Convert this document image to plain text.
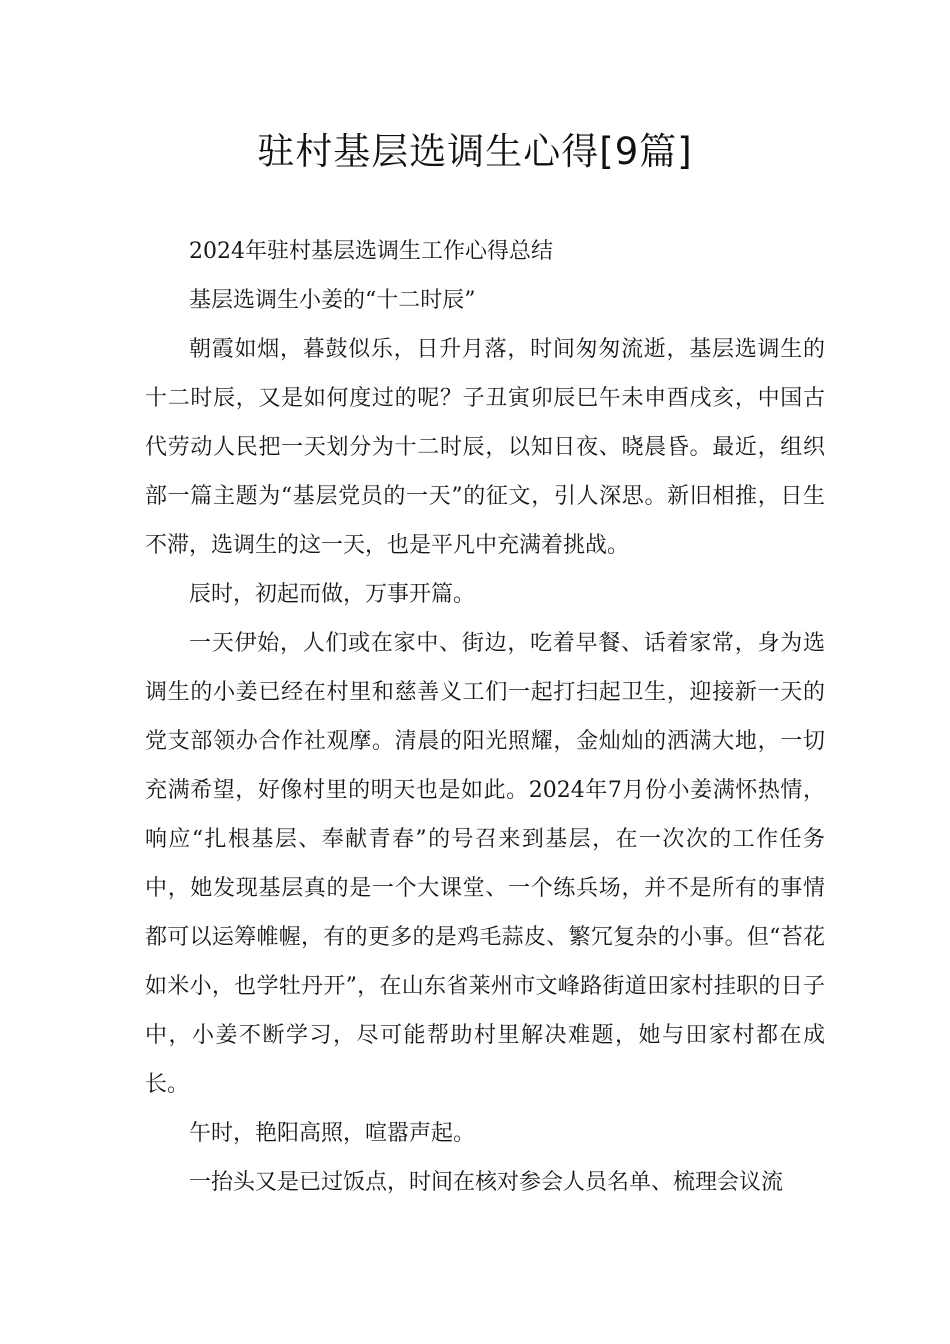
驻村基层选调生心得[9篇]

2024年驻村基层选调生工作心得总结

基层选调生小姜的“十二时辰”

朝霞如烟，暮鼓似乐，日升月落，时间匆匆流逝，基层选调生的十二时辰，又是如何度过的呢？子丑寅卯辰巳午未申酉戌亥，中国古代劳动人民把一天划分为十二时辰，以知日夜、晓晨昏。最近，组织部一篇主题为“基层党员的一天”的征文，引人深思。新旧相推，日生不滞，选调生的这一天，也是平凡中充满着挑战。

辰时，初起而做，万事开篇。

一天伊始，人们或在家中、街边，吃着早餐、话着家常，身为选调生的小姜已经在村里和慈善义工们一起打扫起卫生，迎接新一天的党支部领办合作社观摩。清晨的阳光照耀，金灿灿的洒满大地，一切充满希望，好像村里的明天也是如此。2024年7月份小姜满怀热情，响应“扎根基层、奉献青春”的号召来到基层，在一次次的工作任务中，她发现基层真的是一个大课堂、一个练兵场，并不是所有的事情都可以运筹帷幄，有的更多的是鸡毛蒜皮、繁冗复杂的小事。但“苔花如米小，也学牡丹开”，在山东省莱州市文峰路街道田家村挂职的日子中，小姜不断学习，尽可能帮助村里解决难题，她与田家村都在成长。

午时，艳阳高照，喧嚣声起。

一抬头又是已过饭点，时间在核对参会人员名单、梳理会议流
